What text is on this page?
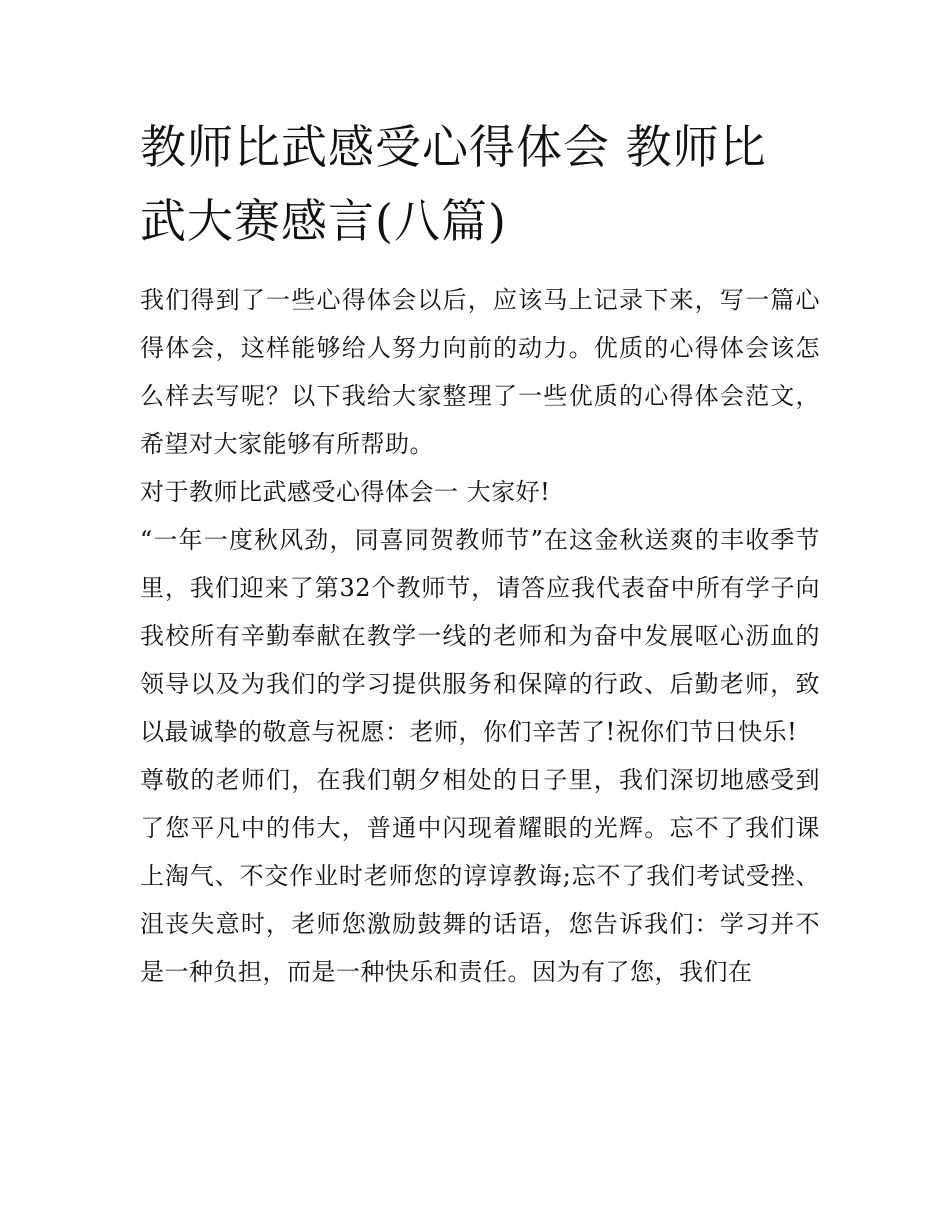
教师比武感受心得体会 教师比
武大赛感言(八篇)

我们得到了一些心得体会以后，应该马上记录下来，写一篇心得体会，这样能够给人努力向前的动力。优质的心得体会该怎么样去写呢？以下我给大家整理了一些优质的心得体会范文，希望对大家能够有所帮助。

对于教师比武感受心得体会一 大家好!

“一年一度秋风劲，同喜同贺教师节”在这金秋送爽的丰收季节里，我们迎来了第32个教师节，请答应我代表奋中所有学子向我校所有辛勤奉献在教学一线的老师和为奋中发展呕心沥血的领导以及为我们的学习提供服务和保障的行政、后勤老师，致以最诚挚的敬意与祝愿：老师，你们辛苦了!祝你们节日快乐!

尊敬的老师们，在我们朝夕相处的日子里，我们深切地感受到了您平凡中的伟大，普通中闪现着耀眼的光辉。忘不了我们课上淘气、不交作业时老师您的谆谆教诲;忘不了我们考试受挫、沮丧失意时，老师您激励鼓舞的话语，您告诉我们：学习并不是一种负担，而是一种快乐和责任。因为有了您，我们在
